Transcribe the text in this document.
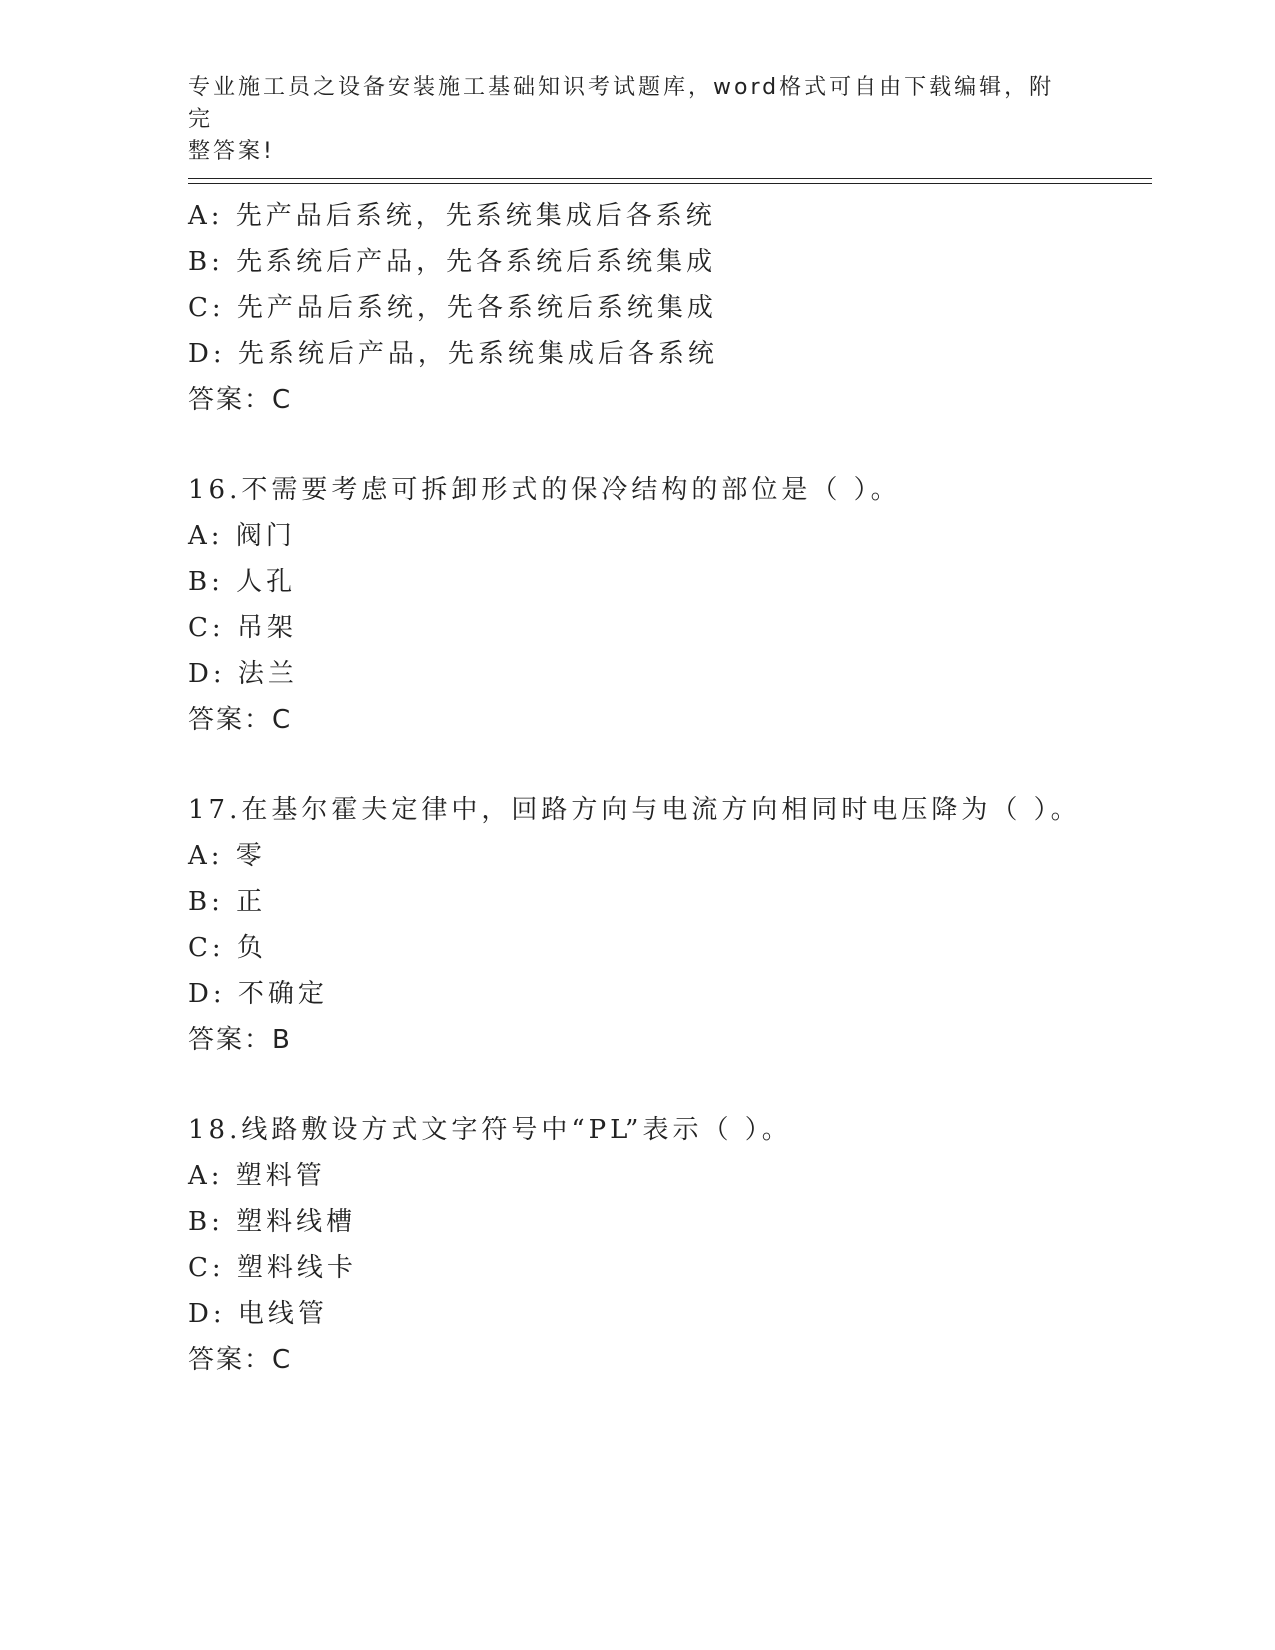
专业施工员之设备安装施工基础知识考试题库，word格式可自由下载编辑，附完
整答案!
A: 先产品后系统，先系统集成后各系统
B: 先系统后产品，先各系统后系统集成
C: 先产品后系统，先各系统后系统集成
D: 先系统后产品，先系统集成后各系统
答案：C
16.不需要考虑可拆卸形式的保冷结构的部位是（ ）。
A: 阀门
B: 人孔
C: 吊架
D: 法兰
答案：C
17.在基尔霍夫定律中，回路方向与电流方向相同时电压降为（ ）。
A: 零
B: 正
C: 负
D: 不确定
答案：B
18.线路敷设方式文字符号中“PL”表示（ ）。
A: 塑料管
B: 塑料线槽
C: 塑料线卡
D: 电线管
答案：C
